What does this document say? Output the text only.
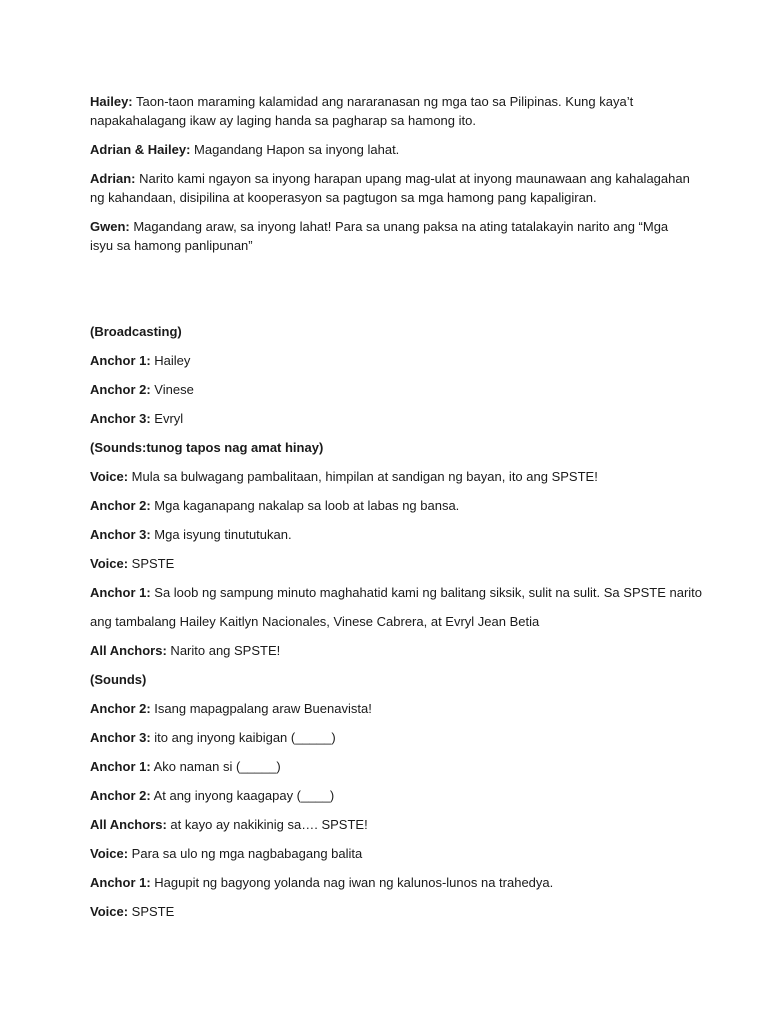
Hailey: Taon-taon maraming kalamidad ang nararanasan ng mga tao sa Pilipinas. Kung kaya’t napakahalagang ikaw ay laging handa sa pagharap sa hamong ito.

Adrian & Hailey: Magandang Hapon sa inyong lahat.

Adrian: Narito kami ngayon sa inyong harapan upang mag-ulat at inyong maunawaan ang kahalagahan ng kahandaan, disipilina at kooperasyon sa pagtugon sa mga hamong pang kapaligiran.

Gwen: Magandang araw, sa inyong lahat! Para sa unang paksa na ating tatalakayin narito ang “Mga isyu sa hamong panlipunan”

(Broadcasting)
Anchor 1: Hailey
Anchor 2: Vinese
Anchor 3: Evryl
(Sounds:tunog tapos nag amat hinay)
Voice: Mula sa bulwagang pambalitaan, himpilan at sandigan ng bayan, ito ang SPSTE!
Anchor 2: Mga kaganapang nakalap sa loob at labas ng bansa.
Anchor 3: Mga isyung tinututukan.
Voice: SPSTE
Anchor 1: Sa loob ng sampung minuto maghahatid kami ng balitang siksik, sulit na sulit. Sa SPSTE narito
ang tambalang Hailey Kaitlyn Nacionales, Vinese Cabrera, at Evryl Jean Betia
All Anchors: Narito ang SPSTE!
(Sounds)
Anchor 2: Isang mapagpalang araw Buenavista!
Anchor 3: ito ang inyong kaibigan (_____)
Anchor 1: Ako naman si (_____)
Anchor 2: At ang inyong kaagapay (____)
All Anchors: at kayo ay nakikinig sa…. SPSTE!
Voice: Para sa ulo ng mga nagbabagang balita
Anchor 1: Hagupit ng bagyong yolanda nag iwan ng kalunos-lunos na trahedya.
Voice: SPSTE
